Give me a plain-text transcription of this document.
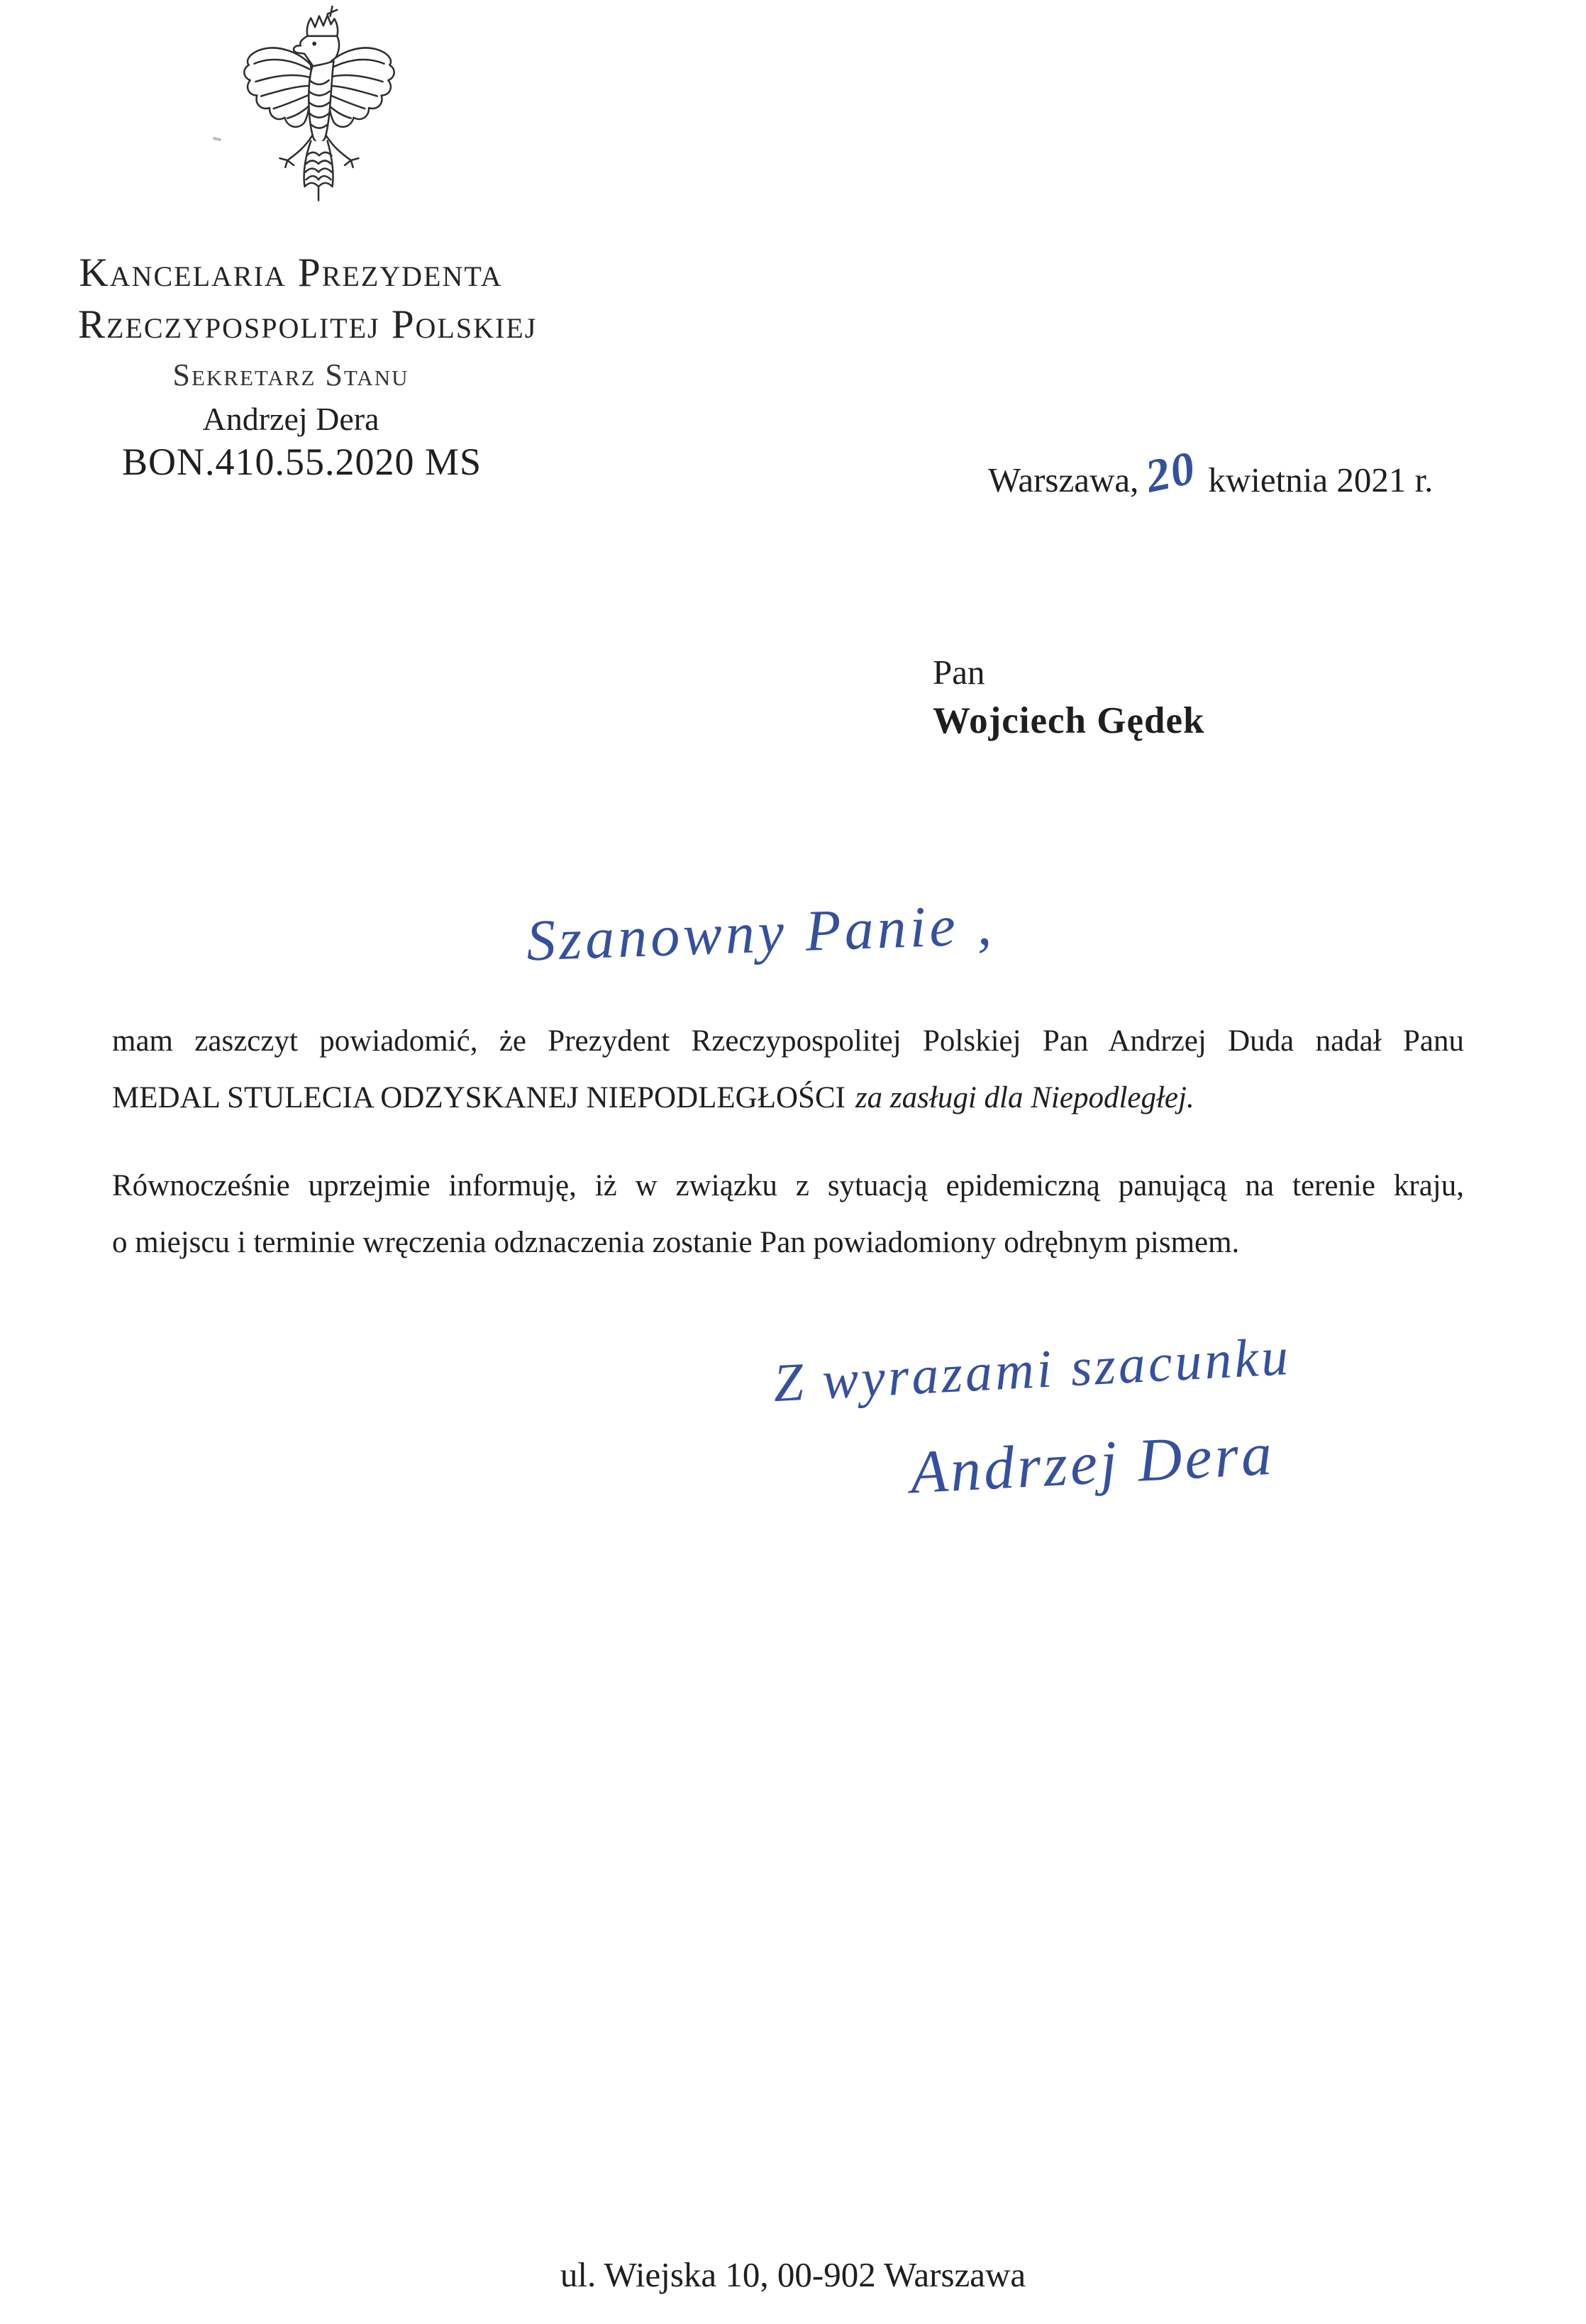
Kancelaria Prezydenta
Rzeczypospolitej Polskiej
Sekretarz Stanu
Andrzej Dera
BON.410.55.2020 MS	Warszawa,20 kwietnia 2021 r.
Pan
Wojciech Gędek
Szanowny Panie ,
mam zaszczyt powiadomić, że Prezydent Rzeczypospolitej Polskiej Pan Andrzej Duda nadał Panu
MEDAL STULECIA ODZYSKANEJ NIEPODLEGŁOŚCI za zasługi dla Niepodległej.
Równocześnie uprzejmie informuję, iż w związku z sytuacją epidemiczną panującą na terenie kraju,
o miejscu i terminie wręczenia odznaczenia zostanie Pan powiadomiony odrębnym pismem.
Z wyrazami szacunku
Andrzej Dera
ul. Wiejska 10, 00-902 Warszawa
